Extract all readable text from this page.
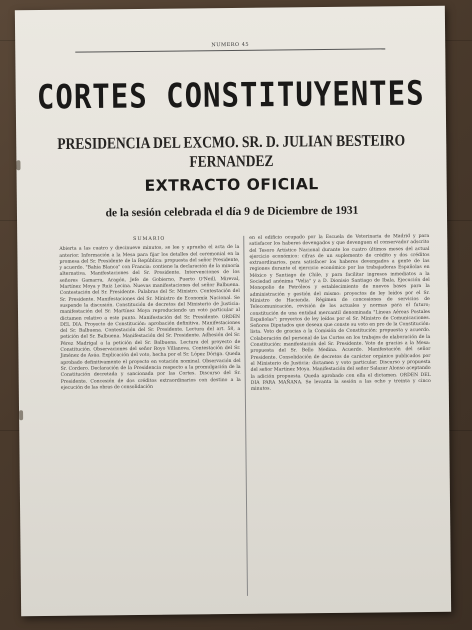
NUMERO 45
CORTES CONSTITUYENTES
PRESIDENCIA DEL EXCMO. SR. D. JULIAN BESTEIRO FERNANDEZ
EXTRACTO OFICIAL
de la sesión celebrada el día 9 de Diciembre de 1931
SUMARIO

Abierta a las cuatro y diecinueve minutos, se lee y aprueba el acta de la anterior. Información a la Mesa para fijar los detalles del ceremonial en la promesa del Sr. Presidente de la República: propuesta del señor Presidente, y acuerdo. "Bahía Blanca" con Francia: contiene la declaración de la minoría alternativa. Manifestaciones del Sr. Presidente. Intervenciones de los señores Gamarra, Aragón, Jefe de Gobierno, Puerto O'Neill, Mireval, Martínez Moya y Ruiz Lecina. Nuevas manifestaciones del señor Balbuena. Contestación del Sr. Presidente. Palabras del Sr. Ministro. Contestación del Sr. Presidente. Manifestaciones del Sr. Ministro de Economía Nacional. Se suspende la discusión. Constitución de decretos del Ministerio de Justicia: manifestación del Sr. Martínez Moya reproduciendo un voto particular al dictamen relativo a este punto. Manifestación del Sr. Presidente. ORDEN DEL DIA. Proyecto de Constitución: aprobación definitiva. Manifestaciones del Sr. Balbuena. Contestación del Sr. Presidente. Lectura del art. 58, a petición del Sr. Balbuena. Manifestación del Sr. Presidente. Adhesión del Sr. Pérez Madrigal a la petición del Sr. Balbuena. Lectura del proyecto de Constitución. Observaciones del señor Royo Villanova. Contestación del Sr. Jiménez de Asúa. Explicación del voto, hecha por el Sr. López Dóriga. Queda aprobado definitivamente el proyecto en votación nominal. Observación del Sr. Cordero. Declaración de la Presidencia respecto a la promulgación de la Constitución decretada y sancionada por las Cortes. Discurso del Sr. Presidente. Concesión de dos créditos extraordinarios con destino a la ejecución de las obras de consolidación

en el edificio ocupado por la Escuela de Veterinaria de Madrid y para satisfacer los haberes devengados y que devenguen el conservador adscrito del Tesoro Artístico Nacional durante los cuatro últimos meses del actual ejercicio económico: cifras de un suplemento de crédito y dos créditos extraordinarios, para satisfacer los haberes devengados a gente de las regiones durante el ejercicio económico por las trabajadoras Españolas en México y Santiago de Chile, y para facilitar ingresos inmediatos a la Sociedad anónima "Velia" y a D. Dionisio Santiago de Ibala, Ejecución del Monopolio de Petróleos y establecimiento de nuevos bases para la administración y gestión del mismo: proyectos de ley leídos por el Sr. Ministro de Hacienda. Régimen de concesiones de servicios de Telecomunicación, revisión de los actuales y normas para el futuro; constitución de una entidad mercantil denominada "Líneas Aéreas Postales Españolas": proyectos de ley leídos por el Sr. Ministro de Comunicaciones. Señores Diputados que desean que conste su voto en pro de la Constitución: lista. Voto de gracias a la Comisión de Constitución: propuesta y acuerdo. Colaboración del personal de las Cortes en los trabajos de elaboración de la Constitución: manifestación del Sr. Presidente. Voto de gracias a la Mesa: propuesta del Sr. Bello Medina. Acuerdo. Manifestación del señor Presidente. Consolidación de decretos de carácter orgánico publicados por el Ministerio de Justicia: dictamen y voto particular. Discurso y propuesta del señor Martínez Moya. Manifestación del señor Salazar Alonso aceptando la adición propuesta. Queda aprobado con ella el dictamen. ORDEN DEL DIA PARA MAÑANA. Se levanta la sesión a las ocho y treinta y cinco minutos.
